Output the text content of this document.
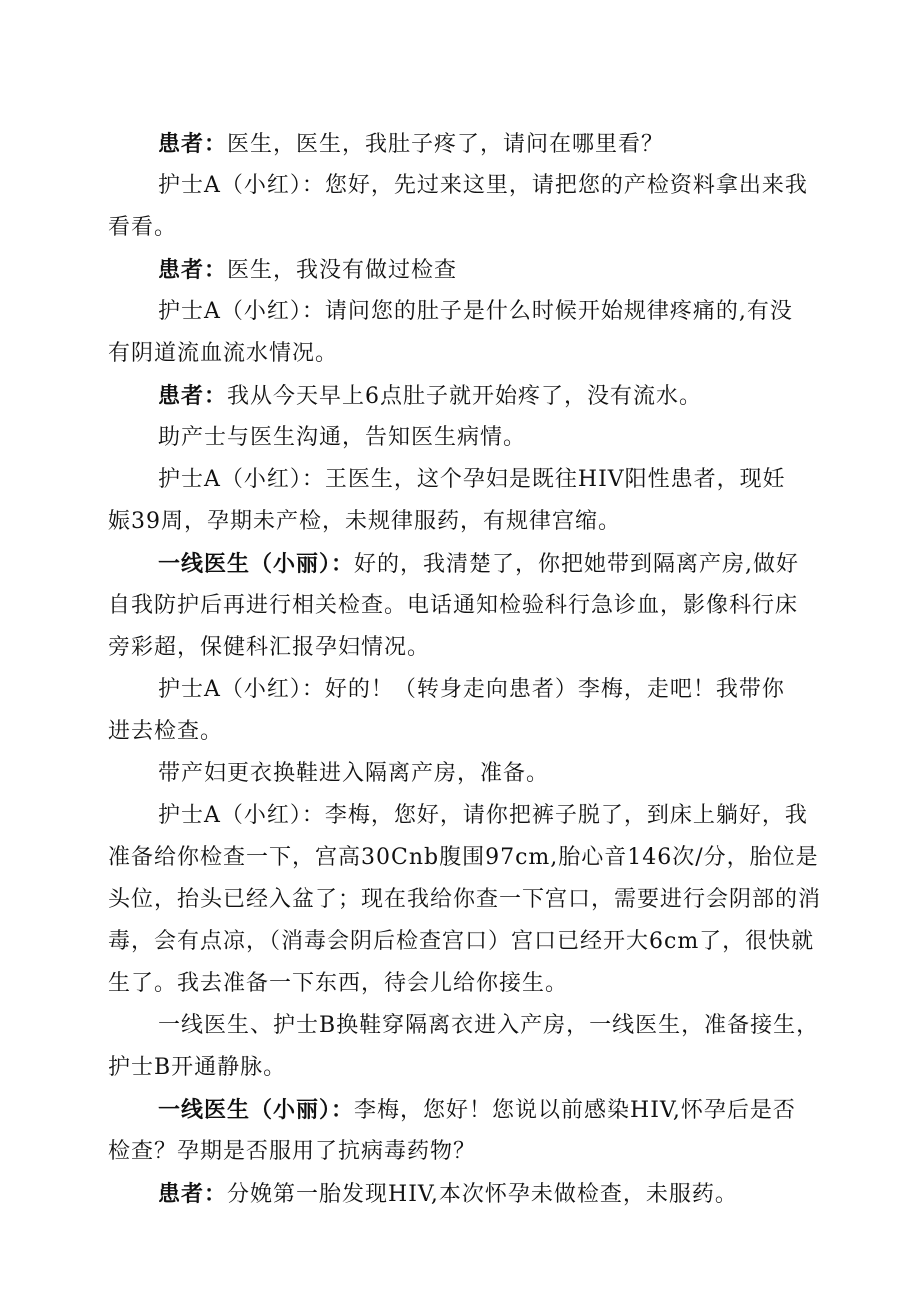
患者：医生，医生，我肚子疼了，请问在哪里看？
护士A（小红）：您好，先过来这里，请把您的产检资料拿出来我
看看。
患者：医生，我没有做过检查
护士A（小红）：请问您的肚子是什么时候开始规律疼痛的,有没
有阴道流血流水情况。
患者：我从今天早上6点肚子就开始疼了，没有流水。
助产士与医生沟通，告知医生病情。
护士A（小红）：王医生，这个孕妇是既往HIV阳性患者，现妊
娠39周，孕期未产检，未规律服药，有规律宫缩。
一线医生（小丽）：好的，我清楚了，你把她带到隔离产房,做好
自我防护后再进行相关检查。电话通知检验科行急诊血，影像科行床
旁彩超，保健科汇报孕妇情况。
护士A（小红）：好的！（转身走向患者）李梅，走吧！我带你
进去检查。
带产妇更衣换鞋进入隔离产房，准备。
护士A（小红）：李梅，您好，请你把裤子脱了，到床上躺好，我
准备给你检查一下，宫高30Cnb腹围97cm,胎心音146次/分，胎位是
头位，抬头已经入盆了；现在我给你查一下宫口，需要进行会阴部的消
毒，会有点凉，（消毒会阴后检查宫口）宫口已经开大6cm了，很快就
生了。我去准备一下东西，待会儿给你接生。
一线医生、护士B换鞋穿隔离衣进入产房，一线医生，准备接生，
护士B开通静脉。
一线医生（小丽）：李梅，您好！您说以前感染HIV,怀孕后是否
检查？孕期是否服用了抗病毒药物？
患者：分娩第一胎发现HIV,本次怀孕未做检查，未服药。
